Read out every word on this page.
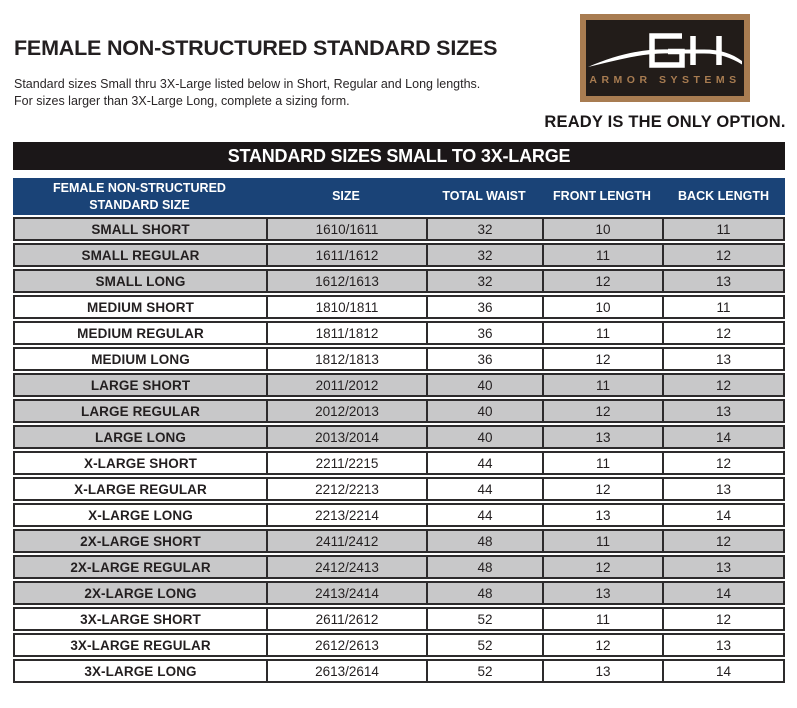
FEMALE NON-STRUCTURED STANDARD SIZES
Standard sizes Small thru 3X-Large listed below in Short, Regular and Long lengths.
For sizes larger than 3X-Large Long, complete a sizing form.
ARMOR SYSTEMS
READY IS THE ONLY OPTION.
STANDARD SIZES SMALL TO 3X-LARGE
FEMALE NON-STRUCTURED STANDARD SIZE	SIZE	TOTAL WAIST	FRONT LENGTH	BACK LENGTH
SMALL SHORT	1610/1611	32	10	11
SMALL REGULAR	1611/1612	32	11	12
SMALL LONG	1612/1613	32	12	13
MEDIUM SHORT	1810/1811	36	10	11
MEDIUM REGULAR	1811/1812	36	11	12
MEDIUM LONG	1812/1813	36	12	13
LARGE SHORT	2011/2012	40	11	12
LARGE REGULAR	2012/2013	40	12	13
LARGE LONG	2013/2014	40	13	14
X-LARGE SHORT	2211/2215	44	11	12
X-LARGE REGULAR	2212/2213	44	12	13
X-LARGE LONG	2213/2214	44	13	14
2X-LARGE SHORT	2411/2412	48	11	12
2X-LARGE REGULAR	2412/2413	48	12	13
2X-LARGE LONG	2413/2414	48	13	14
3X-LARGE SHORT	2611/2612	52	11	12
3X-LARGE REGULAR	2612/2613	52	12	13
3X-LARGE LONG	2613/2614	52	13	14
